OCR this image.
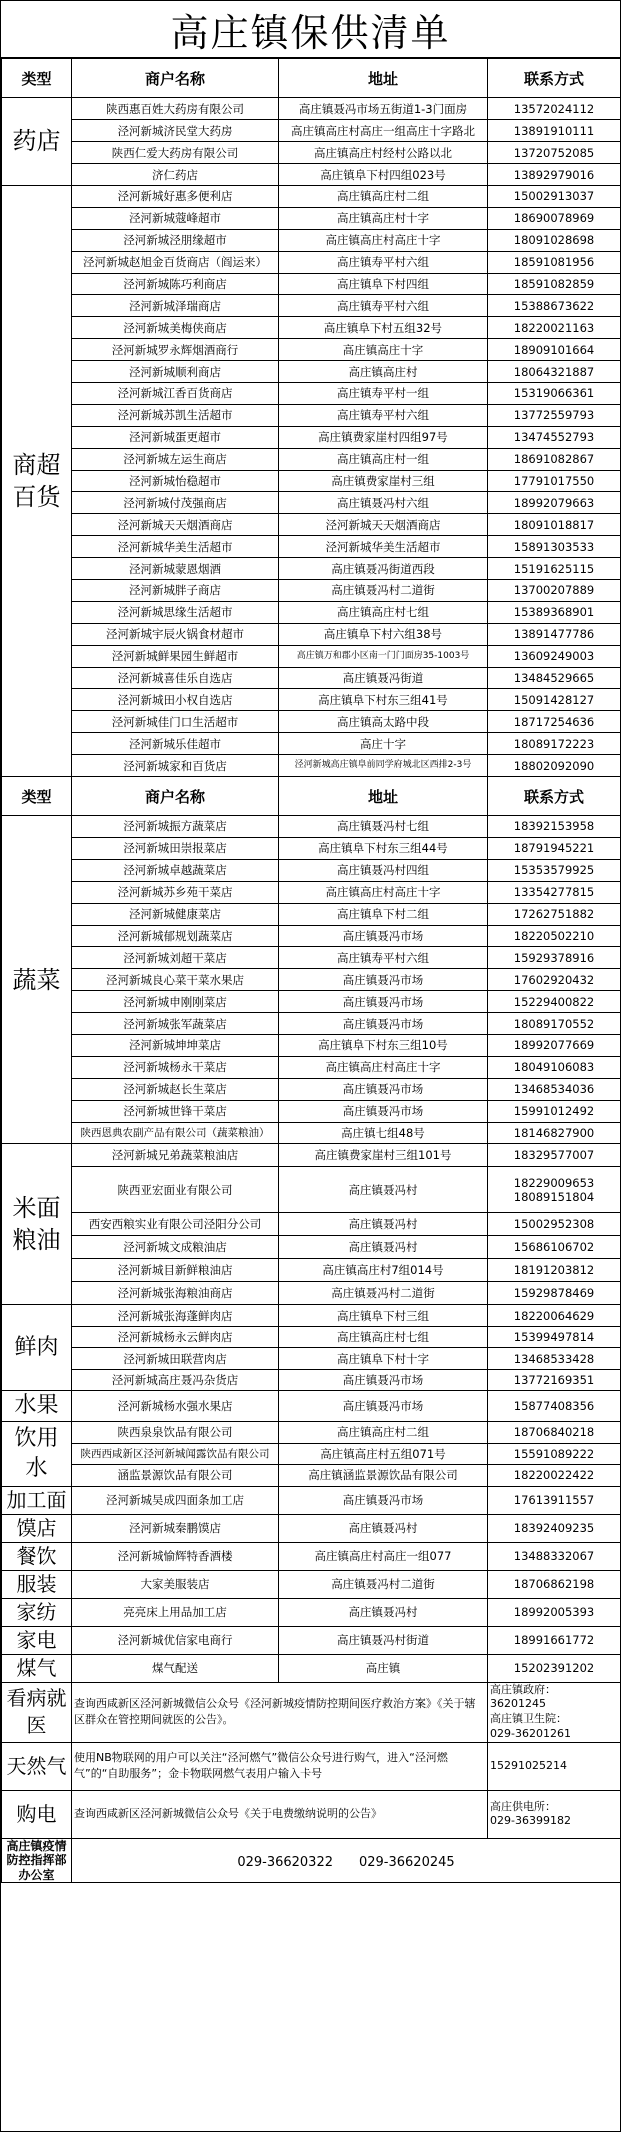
高庄镇保供清单
类型	商户名称	地址	联系方式
药店	陕西惠百姓大药房有限公司	高庄镇聂冯市场五街道1-3门面房	13572024112
	泾河新城济民堂大药房	高庄镇高庄村高庄一组高庄十字路北	13891910111
	陕西仁爱大药房有限公司	高庄镇高庄村经村公路以北	13720752085
	济仁药店	高庄镇阜下村四组023号	13892979016
商超百货	泾河新城好惠多便利店	高庄镇高庄村二组	15002913037
	泾河新城蔻峰超市	高庄镇高庄村十字	18690078969
	泾河新城泾朋缘超市	高庄镇高庄村高庄十字	18091028698
	泾河新城赵旭金百货商店（阎运来）	高庄镇寿平村六组	18591081956
	泾河新城陈巧利商店	高庄镇阜下村四组	18591082859
	泾河新城泽瑞商店	高庄镇寿平村六组	15388673622
	泾河新城美梅侠商店	高庄镇阜下村五组32号	18220021163
	泾河新城罗永辉烟酒商行	高庄镇高庄十字	18909101664
	泾河新城顺利商店	高庄镇高庄村	18064321887
	泾河新城江香百货商店	高庄镇寿平村一组	15319066361
	泾河新城苏凯生活超市	高庄镇寿平村六组	13772559793
	泾河新城蛋更超市	高庄镇费家崖村四组97号	13474552793
	泾河新城左运生商店	高庄镇高庄村一组	18691082867
	泾河新城怡稳超市	高庄镇费家崖村三组	17791017550
	泾河新城付茂强商店	高庄镇聂冯村六组	18992079663
	泾河新城天天烟酒商店	泾河新城天天烟酒商店	18091018817
	泾河新城华美生活超市	泾河新城华美生活超市	15891303533
	泾河新城蒙恩烟酒	高庄镇聂冯街道西段	15191625115
	泾河新城胖子商店	高庄镇聂冯村二道街	13700207889
	泾河新城思缘生活超市	高庄镇高庄村七组	15389368901
	泾河新城宇辰火锅食材超市	高庄镇阜下村六组38号	13891477786
	泾河新城鲜果园生鲜超市	高庄镇万和郡小区南一门门面房35-1003号	13609249003
	泾河新城喜佳乐自选店	高庄镇聂冯街道	13484529665
	泾河新城田小权自选店	高庄镇阜下村东三组41号	15091428127
	泾河新城佳门口生活超市	高庄镇高太路中段	18717254636
	泾河新城乐佳超市	高庄十字	18089172223
	泾河新城家和百货店	泾河新城高庄镇阜前同学府城北区西排2-3号	18802092090
类型	商户名称	地址	联系方式
蔬菜	泾河新城振方蔬菜店	高庄镇聂冯村七组	18392153958
	泾河新城田崇报菜店	高庄镇阜下村东三组44号	18791945221
	泾河新城卓越蔬菜店	高庄镇聂冯村四组	15353579925
	泾河新城苏乡苑干菜店	高庄镇高庄村高庄十字	13354277815
	泾河新城健康菜店	高庄镇阜下村二组	17262751882
	泾河新城郁规划蔬菜店	高庄镇聂冯市场	18220502210
	泾河新城刘超干菜店	高庄镇寿平村六组	15929378916
	泾河新城良心菜干菜水果店	高庄镇聂冯市场	17602920432
	泾河新城申刚刚菜店	高庄镇聂冯市场	15229400822
	泾河新城张军蔬菜店	高庄镇聂冯市场	18089170552
	泾河新城坤坤菜店	高庄镇阜下村东三组10号	18992077669
	泾河新城杨永干菜店	高庄镇高庄村高庄十字	18049106083
	泾河新城赵长生菜店	高庄镇聂冯市场	13468534036
	泾河新城世锋干菜店	高庄镇聂冯市场	15991012492
	陕西恩典农副产品有限公司（蔬菜粮油）	高庄镇七组48号	18146827900
米面粮油	泾河新城兄弟蔬菜粮油店	高庄镇费家崖村三组101号	18329577007
	陕西亚宏面业有限公司	高庄镇聂冯村	18229009653
18089151804
	西安西粮实业有限公司泾阳分公司	高庄镇聂冯村	15002952308
	泾河新城文成粮油店	高庄镇聂冯村	15686106702
	泾河新城目新鲜粮油店	高庄镇高庄村7组014号	18191203812
	泾河新城张海粮油商店	高庄镇聂冯村二道街	15929878469
鲜肉	泾河新城张海蓬鲜肉店	高庄镇阜下村三组	18220064629
	泾河新城杨永云鲜肉店	高庄镇高庄村七组	15399497814
	泾河新城田联营肉店	高庄镇阜下村十字	13468533428
	泾河新城高庄聂冯杂货店	高庄镇聂冯市场	13772169351
水果	泾河新城杨水强水果店	高庄镇聂冯市场	15877408356
饮用水	陕西泉泉饮品有限公司	高庄镇高庄村二组	18706840218
	陕西西咸新区泾河新城闻露饮品有限公司	高庄镇高庄村五组071号	15591089222
	涵监景源饮品有限公司	高庄镇涵监景源饮品有限公司	18220022422
加工面	泾河新城吴成四面条加工店	高庄镇聂冯市场	17613911557
馍店	泾河新城秦鹏馍店	高庄镇聂冯村	18392409235
餐饮	泾河新城愉辉特香酒楼	高庄镇高庄村高庄一组077	13488332067
服装	大家美服装店	高庄镇聂冯村二道街	18706862198
家纺	亮亮床上用品加工店	高庄镇聂冯村	18992005393
家电	泾河新城优信家电商行	高庄镇聂冯村街道	18991661772
煤气	煤气配送	高庄镇	15202391202
看病就医	查询西咸新区泾河新城微信公众号《泾河新城疫情防控期间医疗救治方案》《关于辖区群众在管控期间就医的公告》。		高庄镇政府：
36201245
高庄镇卫生院：
029-36201261
天然气	使用NB物联网的用户可以关注“泾河燃气”微信公众号进行购气，进入“泾河燃气”的“自助服务”；金卡物联网燃气表用户输入卡号		15291025214
购电	查询西咸新区泾河新城微信公众号《关于电费缴纳说明的公告》		高庄供电所：
029-36399182
高庄镇疫情防控指挥部办公室	029-36620322　　029-36620245		
